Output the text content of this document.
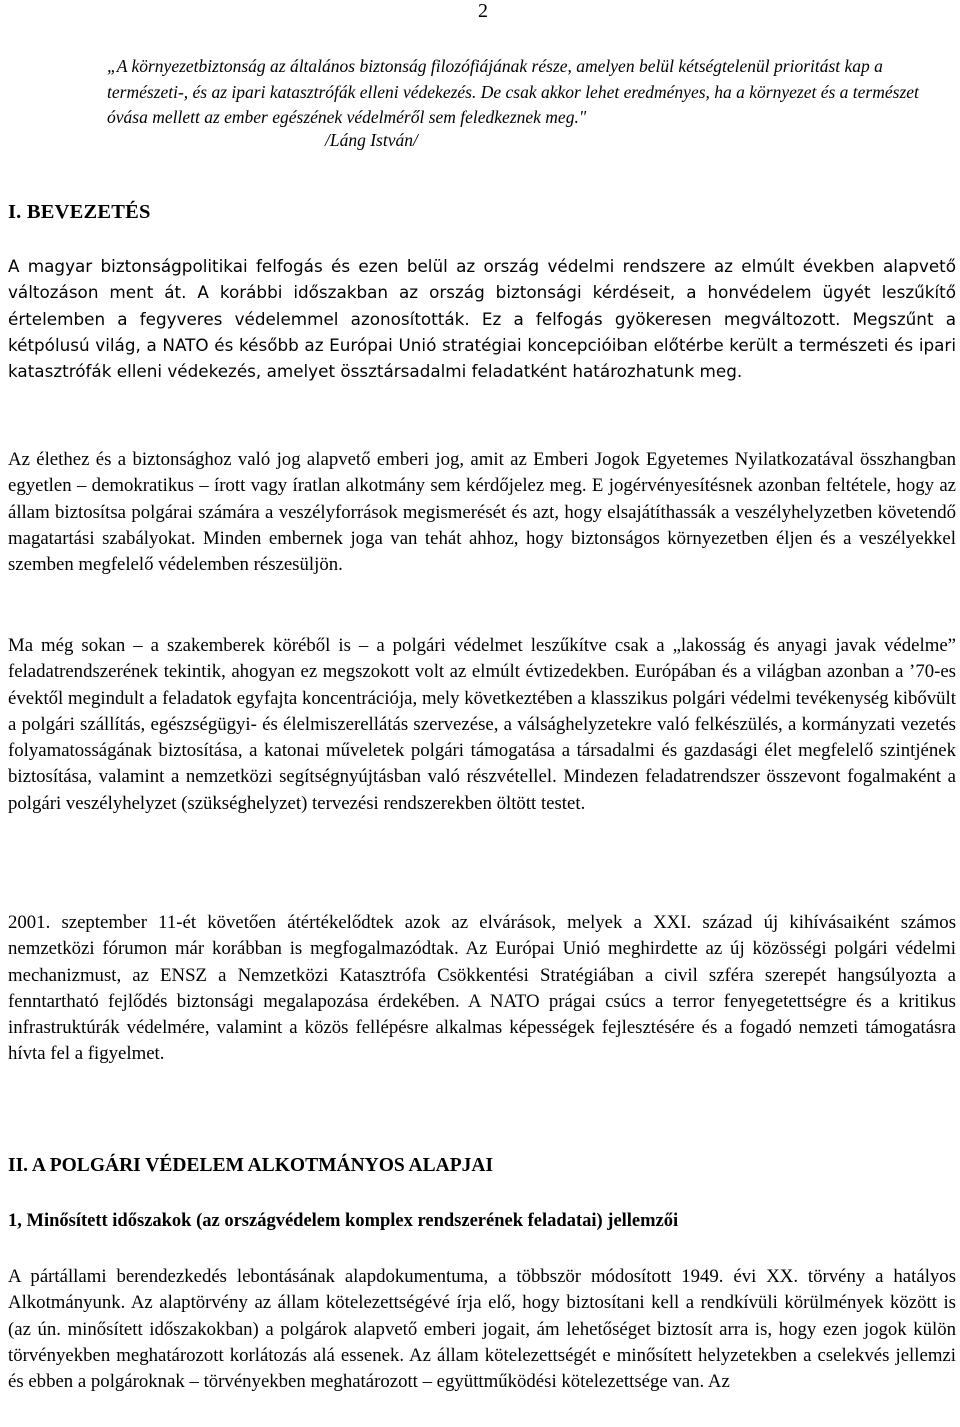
2
„A környezetbiztonság az általános biztonság filozófiájának része, amelyen belül kétségtelenül prioritást kap a természeti-, és az ipari katasztrófák elleni védekezés. De csak akkor lehet eredményes, ha a környezet és a természet óvása mellett az ember egészének védelméről sem feledkeznek meg."
/Láng István/
I. BEVEZETÉS

A magyar biztonságpolitikai felfogás és ezen belül az ország védelmi rendszere az elmúlt években alapvető változáson ment át. A korábbi időszakban az ország biztonsági kérdéseit, a honvédelem ügyét leszűkítő értelemben a fegyveres védelemmel azonosították. Ez a felfogás gyökeresen megváltozott. Megszűnt a kétpólusú világ, a NATO és később az Európai Unió stratégiai koncepcióiban előtérbe került a természeti és ipari katasztrófák elleni védekezés, amelyet össztársadalmi feladatként határozhatunk meg.

Az élethez és a biztonsághoz való jog alapvető emberi jog, amit az Emberi Jogok Egyetemes Nyilatkozatával összhangban egyetlen – demokratikus – írott vagy íratlan alkotmány sem kérdőjelez meg. E jogérvényesítésnek azonban feltétele, hogy az állam biztosítsa polgárai számára a veszélyforrások megismerését és azt, hogy elsajátíthassák a veszélyhelyzetben követendő magatartási szabályokat. Minden embernek joga van tehát ahhoz, hogy biztonságos környezetben éljen és a veszélyekkel szemben megfelelő védelemben részesüljön.

Ma még sokan – a szakemberek köréből is – a polgári védelmet leszűkítve csak a „lakosság és anyagi javak védelme” feladatrendszerének tekintik, ahogyan ez megszokott volt az elmúlt évtizedekben. Európában és a világban azonban a ’70-es évektől megindult a feladatok egyfajta koncentrációja, mely következtében a klasszikus polgári védelmi tevékenység kibővült a polgári szállítás, egészségügyi- és élelmiszerellátás szervezése, a válsághelyzetekre való felkészülés, a kormányzati vezetés folyamatosságának biztosítása, a katonai műveletek polgári támogatása a társadalmi és gazdasági élet megfelelő szintjének biztosítása, valamint a nemzetközi segítségnyújtásban való részvétellel. Mindezen feladatrendszer összevont fogalmaként a polgári veszélyhelyzet (szükséghelyzet) tervezési rendszerekben öltött testet.

2001. szeptember 11-ét követően átértékelődtek azok az elvárások, melyek a XXI. század új kihívásaiként számos nemzetközi fórumon már korábban is megfogalmazódtak. Az Európai Unió meghirdette az új közösségi polgári védelmi mechanizmust, az ENSZ a Nemzetközi Katasztrófa Csökkentési Stratégiában a civil szféra szerepét hangsúlyozta a fenntartható fejlődés biztonsági megalapozása érdekében. A NATO prágai csúcs a terror fenyegetettségre és a kritikus infrastruktúrák védelmére, valamint a közös fellépésre alkalmas képességek fejlesztésére és a fogadó nemzeti támogatásra hívta fel a figyelmet.

II. A POLGÁRI VÉDELEM ALKOTMÁNYOS ALAPJAI
1, Minősített időszakok (az országvédelem komplex rendszerének feladatai) jellemzői

A pártállami berendezkedés lebontásának alapdokumentuma, a többször módosított 1949. évi XX. törvény a hatályos Alkotmányunk. Az alaptörvény az állam kötelezettségévé írja elő, hogy biztosítani kell a rendkívüli körülmények között is (az ún. minősített időszakokban) a polgárok alapvető emberi jogait, ám lehetőséget biztosít arra is, hogy ezen jogok külön törvényekben meghatározott korlátozás alá essenek. Az állam kötelezettségét e minősített helyzetekben a cselekvés jellemzi és ebben a polgároknak – törvényekben meghatározott – együttműködési kötelezettsége van. Az
